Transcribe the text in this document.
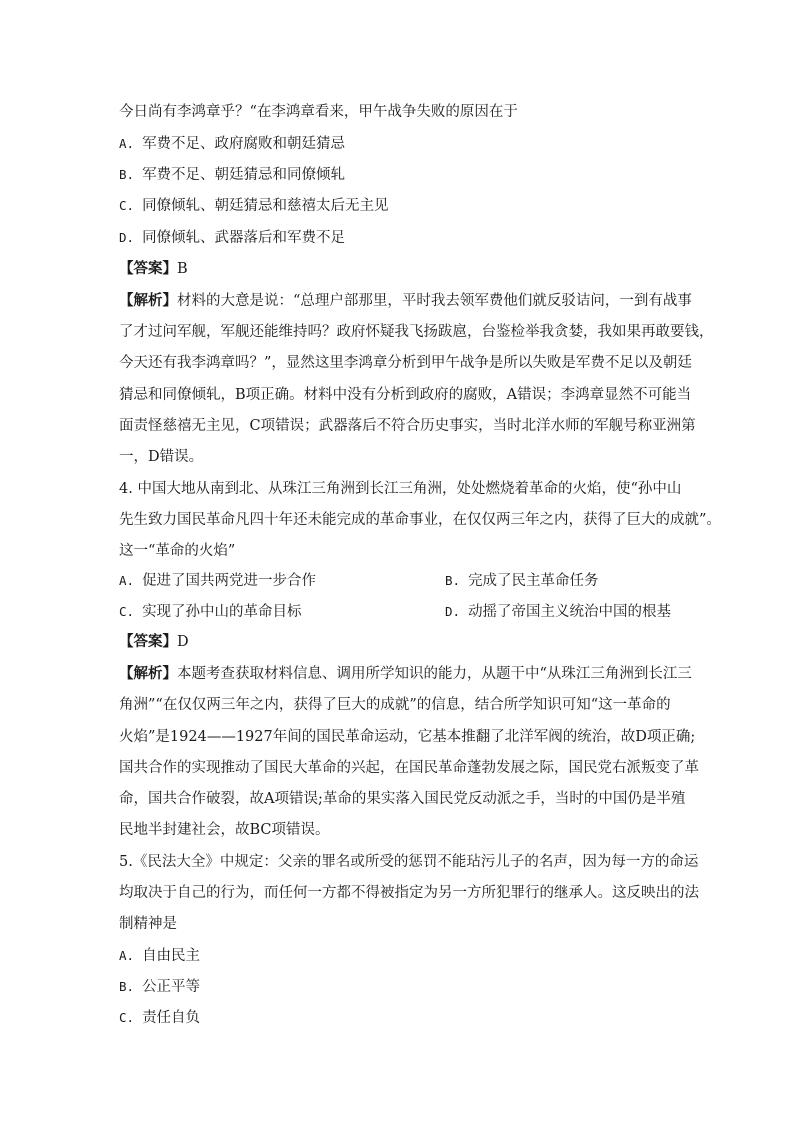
今日尚有李鸿章乎？“在李鸿章看来，甲午战争失败的原因在于
A. 军费不足、政府腐败和朝廷猜忌
B. 军费不足、朝廷猜忌和同僚倾轧
C. 同僚倾轧、朝廷猜忌和慈禧太后无主见
D. 同僚倾轧、武器落后和军费不足
【答案】B
【解析】材料的大意是说：“总理户部那里，平时我去领军费他们就反驳诘问，一到有战事
了才过问军舰，军舰还能维持吗？政府怀疑我飞扬跋扈，台鉴检举我贪婪，我如果再敢要钱，
今天还有我李鸿章吗？”，显然这里李鸿章分析到甲午战争是所以失败是军费不足以及朝廷
猜忌和同僚倾轧，B项正确。材料中没有分析到政府的腐败，A错误；李鸿章显然不可能当
面责怪慈禧无主见，C项错误；武器落后不符合历史事实，当时北洋水师的军舰号称亚洲第
一，D错误。
4. 中国大地从南到北、从珠江三角洲到长江三角洲，处处燃烧着革命的火焰，使“孙中山
先生致力国民革命凡四十年还未能完成的革命事业，在仅仅两三年之内，获得了巨大的成就”。
这一“革命的火焰”
A. 促进了国共两党进一步合作	B. 完成了民主革命任务
C. 实现了孙中山的革命目标	D. 动摇了帝国主义统治中国的根基
【答案】D
【解析】本题考查获取材料信息、调用所学知识的能力，从题干中“从珠江三角洲到长江三
角洲”“在仅仅两三年之内，获得了巨大的成就”的信息，结合所学知识可知“这一革命的
火焰”是1924——1927年间的国民革命运动，它基本推翻了北洋军阀的统治，故D项正确;
国共合作的实现推动了国民大革命的兴起，在国民革命蓬勃发展之际，国民党右派叛变了革
命，国共合作破裂，故A项错误;革命的果实落入国民党反动派之手，当时的中国仍是半殖
民地半封建社会，故BC项错误。
5.《民法大全》中规定：父亲的罪名或所受的惩罚不能玷污儿子的名声，因为每一方的命运
均取决于自己的行为，而任何一方都不得被指定为另一方所犯罪行的继承人。这反映出的法
制精神是
A. 自由民主
B. 公正平等
C. 责任自负
